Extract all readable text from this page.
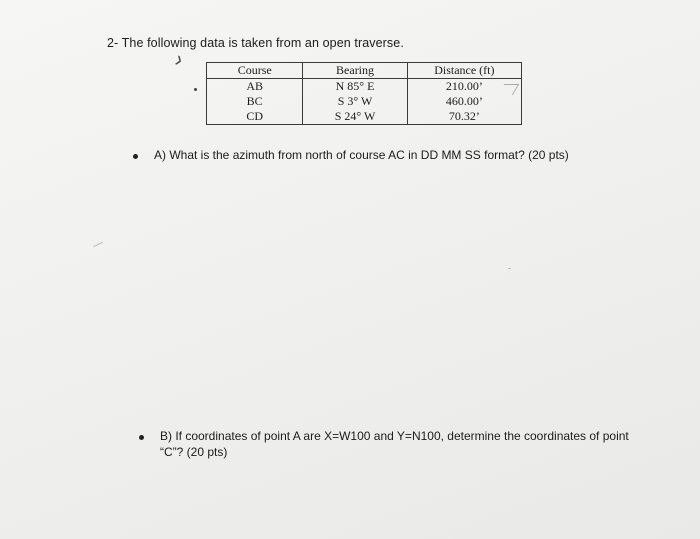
2- The following data is taken from an open traverse.
❯
Course	Bearing	Distance (ft)
AB	N 85° E	210.00’
BC	S 3° W	460.00’
CD	S 24° W	70.32’
A) What is the azimuth from north of course AC in DD MM SS format? (20 pts)
B) If coordinates of point A are X=W100 and Y=N100, determine the coordinates of point “C”? (20 pts)
